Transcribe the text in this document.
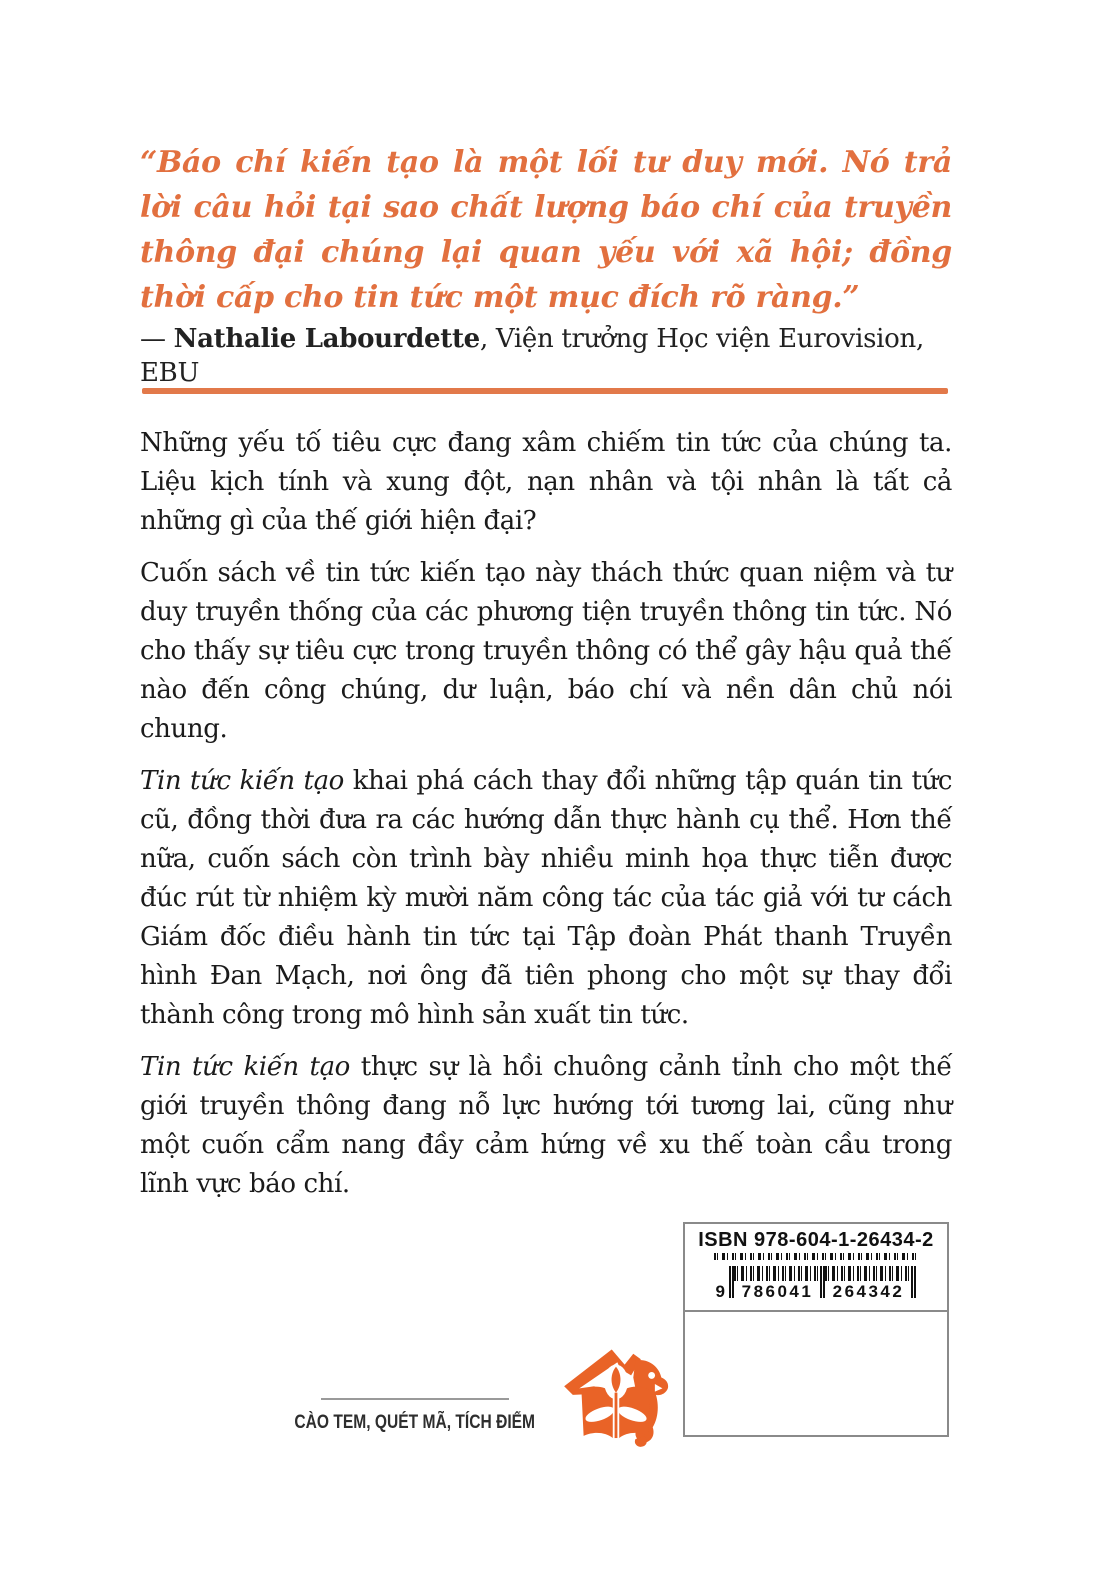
“Báo chí kiến tạo là một lối tư duy mới. Nó trả lời câu hỏi tại sao chất lượng báo chí của truyền thông đại chúng lại quan yếu với xã hội; đồng thời cấp cho tin tức một mục đích rõ ràng.”
— Nathalie Labourdette, Viện trưởng Học viện Eurovision, EBU

Những yếu tố tiêu cực đang xâm chiếm tin tức của chúng ta. Liệu kịch tính và xung đột, nạn nhân và tội nhân là tất cả những gì của thế giới hiện đại?

Cuốn sách về tin tức kiến tạo này thách thức quan niệm và tư duy truyền thống của các phương tiện truyền thông tin tức. Nó cho thấy sự tiêu cực trong truyền thông có thể gây hậu quả thế nào đến công chúng, dư luận, báo chí và nền dân chủ nói chung.

Tin tức kiến tạo khai phá cách thay đổi những tập quán tin tức cũ, đồng thời đưa ra các hướng dẫn thực hành cụ thể. Hơn thế nữa, cuốn sách còn trình bày nhiều minh họa thực tiễn được đúc rút từ nhiệm kỳ mười năm công tác của tác giả với tư cách Giám đốc điều hành tin tức tại Tập đoàn Phát thanh Truyền hình Đan Mạch, nơi ông đã tiên phong cho một sự thay đổi thành công trong mô hình sản xuất tin tức.

Tin tức kiến tạo thực sự là hồi chuông cảnh tỉnh cho một thế giới truyền thông đang nỗ lực hướng tới tương lai, cũng như một cuốn cẩm nang đầy cảm hứng về xu thế toàn cầu trong lĩnh vực báo chí.

ISBN 978-604-1-26434-2
9 786041 264342
CÀO TEM, QUÉT MÃ, TÍCH ĐIỂM
